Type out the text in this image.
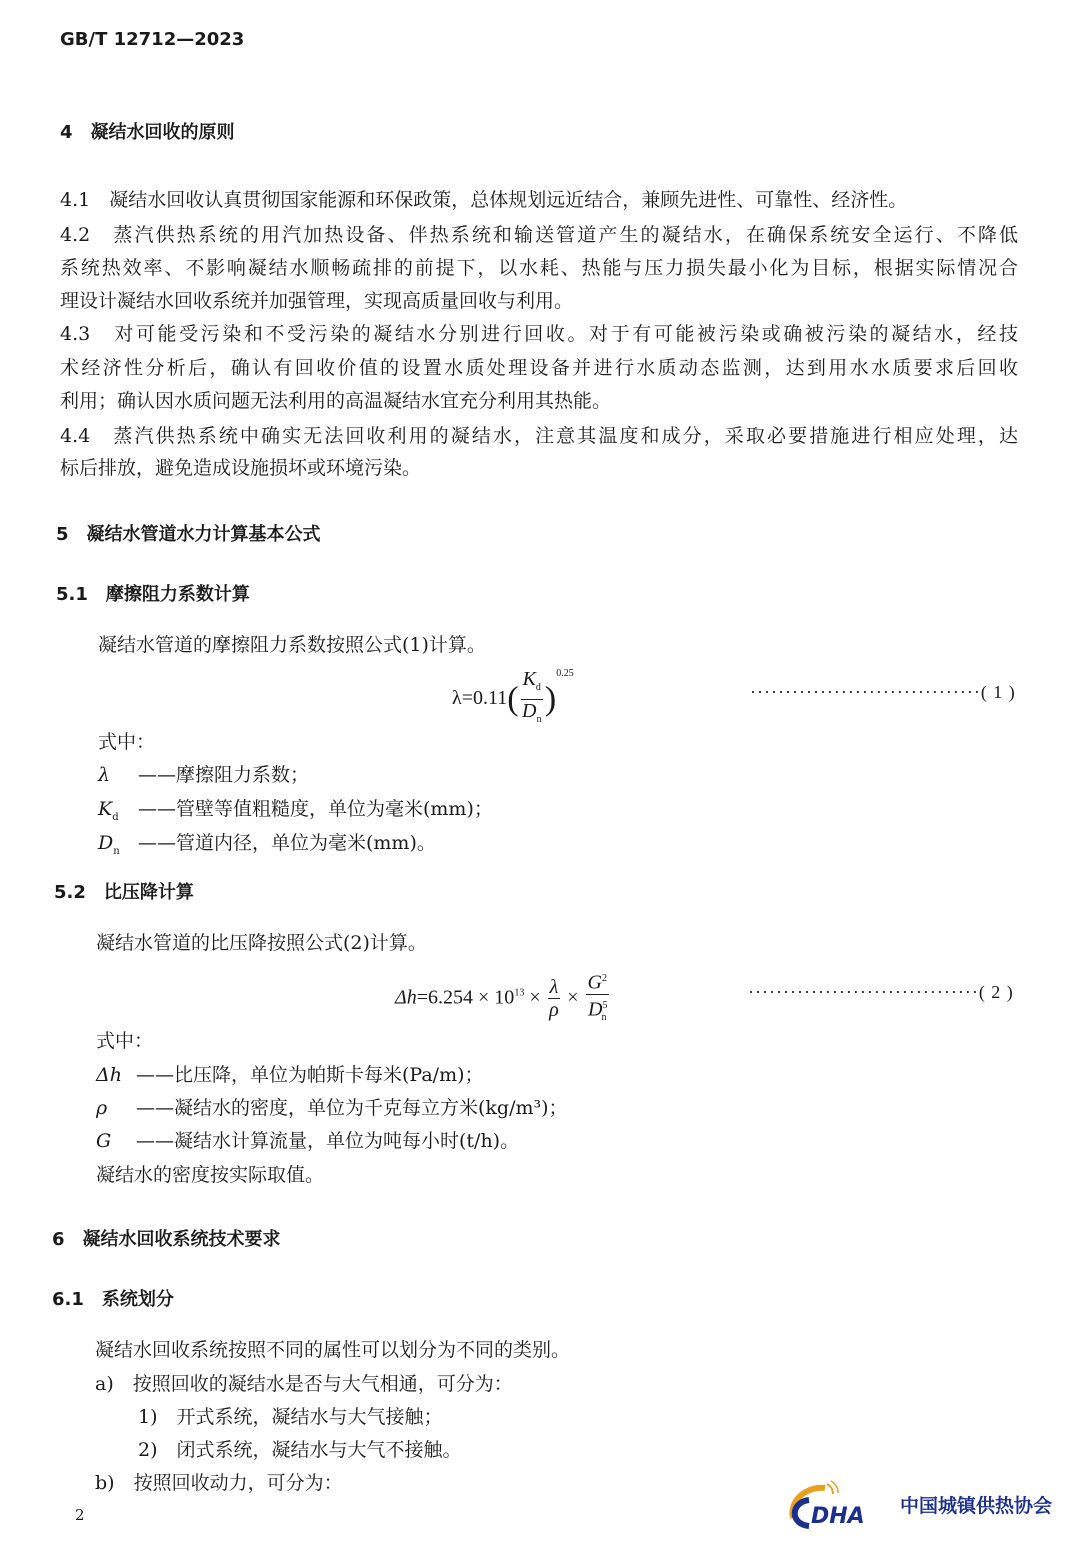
GB/T 12712—2023
4　凝结水回收的原则
4.1　凝结水回收认真贯彻国家能源和环保政策，总体规划远近结合，兼顾先进性、可靠性、经济性。
4.2　蒸汽供热系统的用汽加热设备、伴热系统和输送管道产生的凝结水，在确保系统安全运行、不降低
系统热效率、不影响凝结水顺畅疏排的前提下，以水耗、热能与压力损失最小化为目标，根据实际情况合
理设计凝结水回收系统并加强管理，实现高质量回收与利用。
4.3　对可能受污染和不受污染的凝结水分别进行回收。对于有可能被污染或确被污染的凝结水，经技
术经济性分析后，确认有回收价值的设置水质处理设备并进行水质动态监测，达到用水水质要求后回收
利用；确认因水质问题无法利用的高温凝结水宜充分利用其热能。
4.4　蒸汽供热系统中确实无法回收利用的凝结水，注意其温度和成分，采取必要措施进行相应处理，达
标后排放，避免造成设施损坏或环境污染。
5　凝结水管道水力计算基本公式
5.1　摩擦阻力系数计算
凝结水管道的摩擦阻力系数按照公式(1)计算。
$\lambda=0.11( \frac{K_d}{D_n} )^{0.25}$
·································( 1 )
式中：
λ ——摩擦阻力系数；
$K_d$ ——管壁等值粗糙度，单位为毫米(mm)；
$D_n$ ——管道内径，单位为毫米(mm)。
5.2　比压降计算
凝结水管道的比压降按照公式(2)计算。
$\Delta h=6.254 \times 10^{13} \times \frac{\lambda}{\rho} \times \frac{G^2}{D^5_n}$	·································( 2 )
式中：
Δh ——比压降，单位为帕斯卡每米(Pa/m)；
ρ ——凝结水的密度，单位为千克每立方米(kg/m³)；
G ——凝结水计算流量，单位为吨每小时(t/h)。
凝结水的密度按实际取值。
6　凝结水回收系统技术要求
6.1　系统划分
凝结水回收系统按照不同的属性可以划分为不同的类别。
a)　按照回收的凝结水是否与大气相通，可分为：
1)　开式系统，凝结水与大气接触；
2)　闭式系统，凝结水与大气不接触。
b)　按照回收动力，可分为：
2	DHA 中国城镇供热协会
